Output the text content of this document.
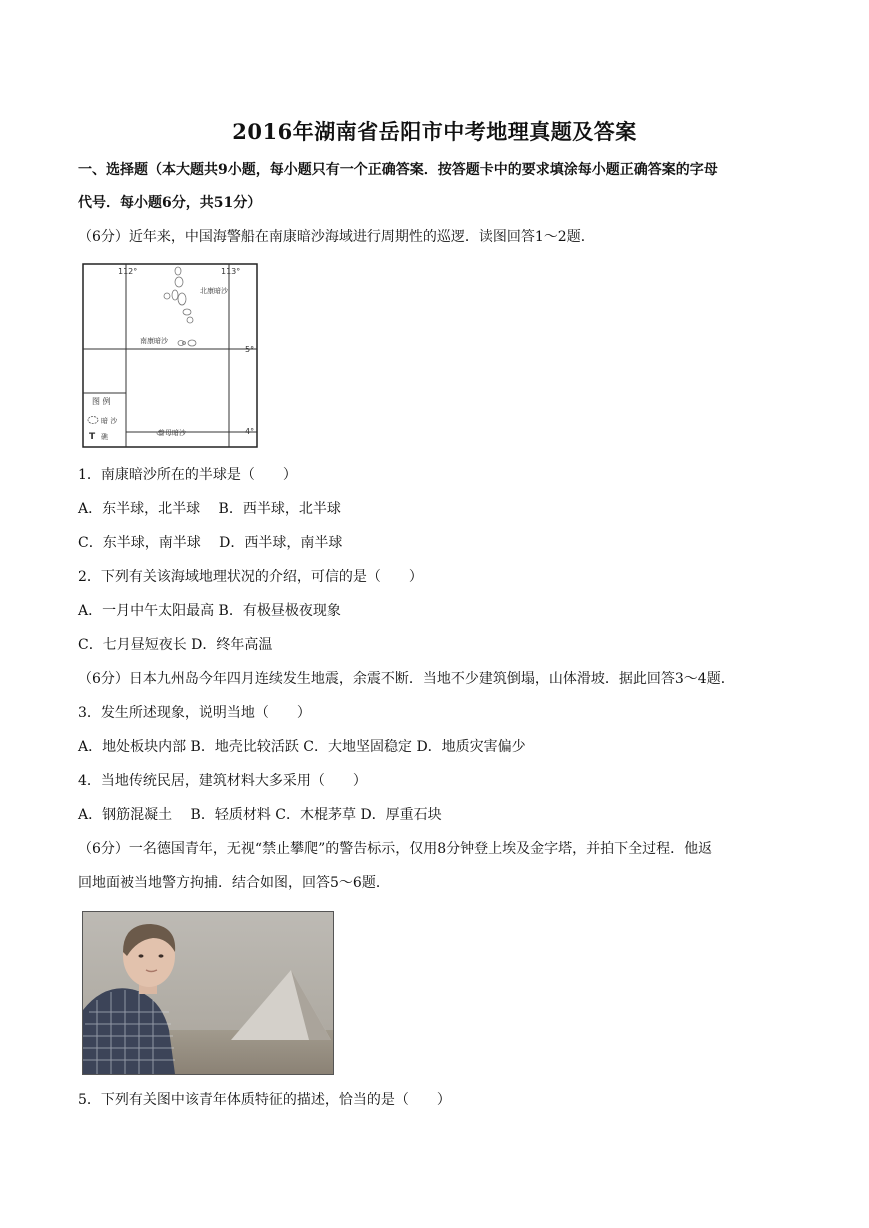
2016年湖南省岳阳市中考地理真题及答案
一、选择题（本大题共9小题，每小题只有一个正确答案．按答题卡中的要求填涂每小题正确答案的字母
代号．每小题6分，共51分）
（6分）近年来，中国海警船在南康暗沙海域进行周期性的巡逻．读图回答1～2题．
112°	113°
5°
4°
北康暗沙
南康暗沙
曾母暗沙
图 例
暗 沙
T 礁
1．南康暗沙所在的半球是（　　）
A．东半球，北半球　 B．西半球，北半球
C．东半球，南半球　 D．西半球，南半球
2．下列有关该海域地理状况的介绍，可信的是（　　）
A．一月中午太阳最高 B．有极昼极夜现象
C．七月昼短夜长 D．终年高温
（6分）日本九州岛今年四月连续发生地震，余震不断．当地不少建筑倒塌，山体滑坡．据此回答3～4题．
3．发生所述现象，说明当地（　　）
A．地处板块内部 B．地壳比较活跃 C．大地坚固稳定 D．地质灾害偏少
4．当地传统民居，建筑材料大多采用（　　）
A．钢筋混凝土　 B．轻质材料 C．木棍茅草 D．厚重石块
（6分）一名德国青年，无视“禁止攀爬”的警告标示，仅用8分钟登上埃及金字塔，并拍下全过程．他返
回地面被当地警方拘捕．结合如图，回答5～6题．
5．下列有关图中该青年体质特征的描述，恰当的是（　　）
